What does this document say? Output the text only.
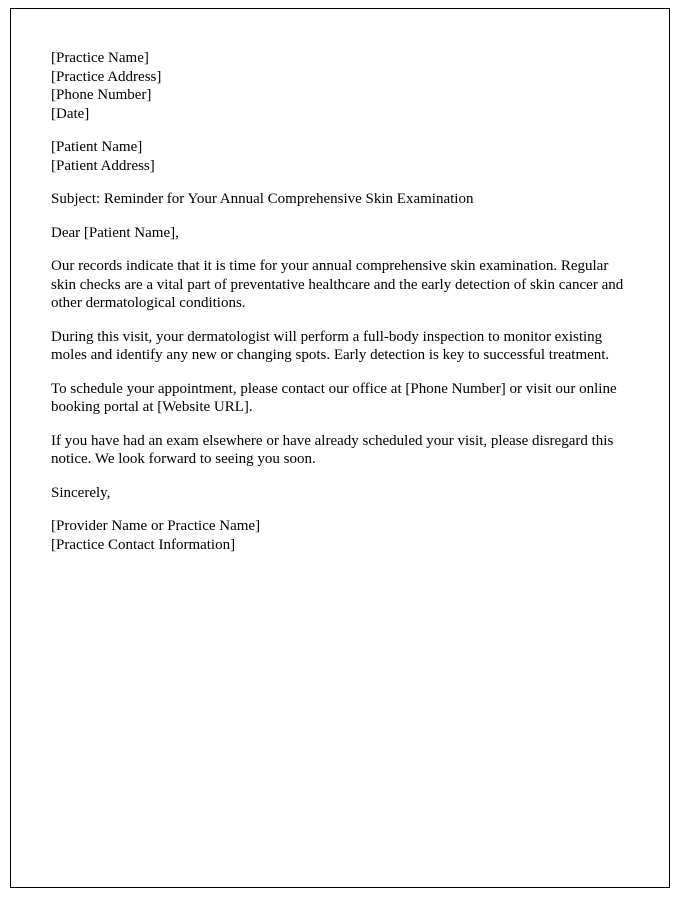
[Practice Name]
[Practice Address]
[Phone Number]
[Date]
[Patient Name]
[Patient Address]
Subject: Reminder for Your Annual Comprehensive Skin Examination
Dear [Patient Name],
Our records indicate that it is time for your annual comprehensive skin examination. Regular skin checks are a vital part of preventative healthcare and the early detection of skin cancer and other dermatological conditions.
During this visit, your dermatologist will perform a full-body inspection to monitor existing moles and identify any new or changing spots. Early detection is key to successful treatment.
To schedule your appointment, please contact our office at [Phone Number] or visit our online booking portal at [Website URL].
If you have had an exam elsewhere or have already scheduled your visit, please disregard this notice. We look forward to seeing you soon.
Sincerely,
[Provider Name or Practice Name]
[Practice Contact Information]
